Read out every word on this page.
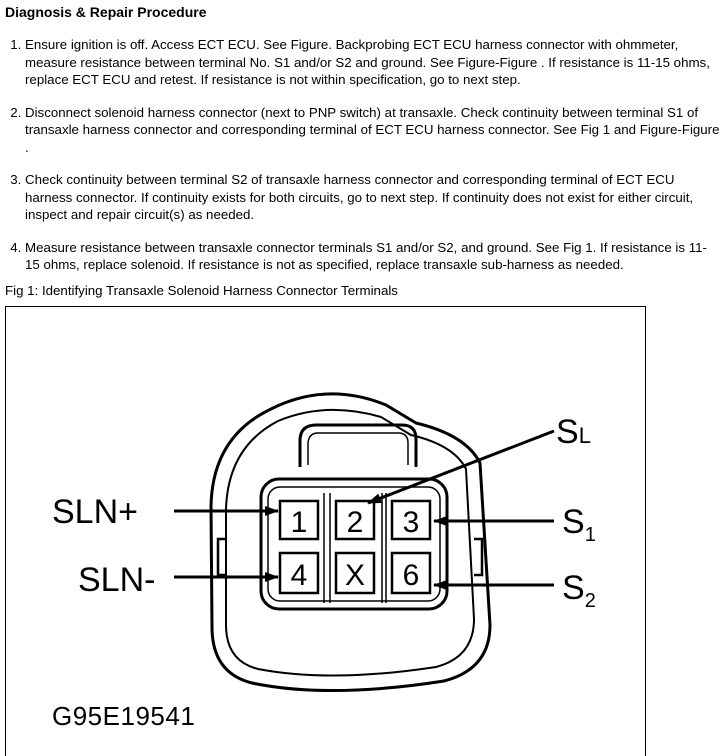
Diagnosis & Repair Procedure
1. Ensure ignition is off. Access ECT ECU. See Figure. Backprobing ECT ECU harness connector with ohmmeter, measure resistance between terminal No. S1 and/or S2 and ground. See Figure-Figure . If resistance is 11-15 ohms, replace ECT ECU and retest. If resistance is not within specification, go to next step.
2. Disconnect solenoid harness connector (next to PNP switch) at transaxle. Check continuity between terminal S1 of transaxle harness connector and corresponding terminal of ECT ECU harness connector. See Fig 1 and Figure-Figure .
3. Check continuity between terminal S2 of transaxle harness connector and corresponding terminal of ECT ECU harness connector. If continuity exists for both circuits, go to next step. If continuity does not exist for either circuit, inspect and repair circuit(s) as needed.
4. Measure resistance between transaxle connector terminals S1 and/or S2, and ground. See Fig 1. If resistance is 11-15 ohms, replace solenoid. If resistance is not as specified, replace transaxle sub-harness as needed.
Fig 1: Identifying Transaxle Solenoid Harness Connector Terminals
1 2 3
4 X 6
SLN+
SLN-
SL
$S_1$
$S_2$
G95E19541
